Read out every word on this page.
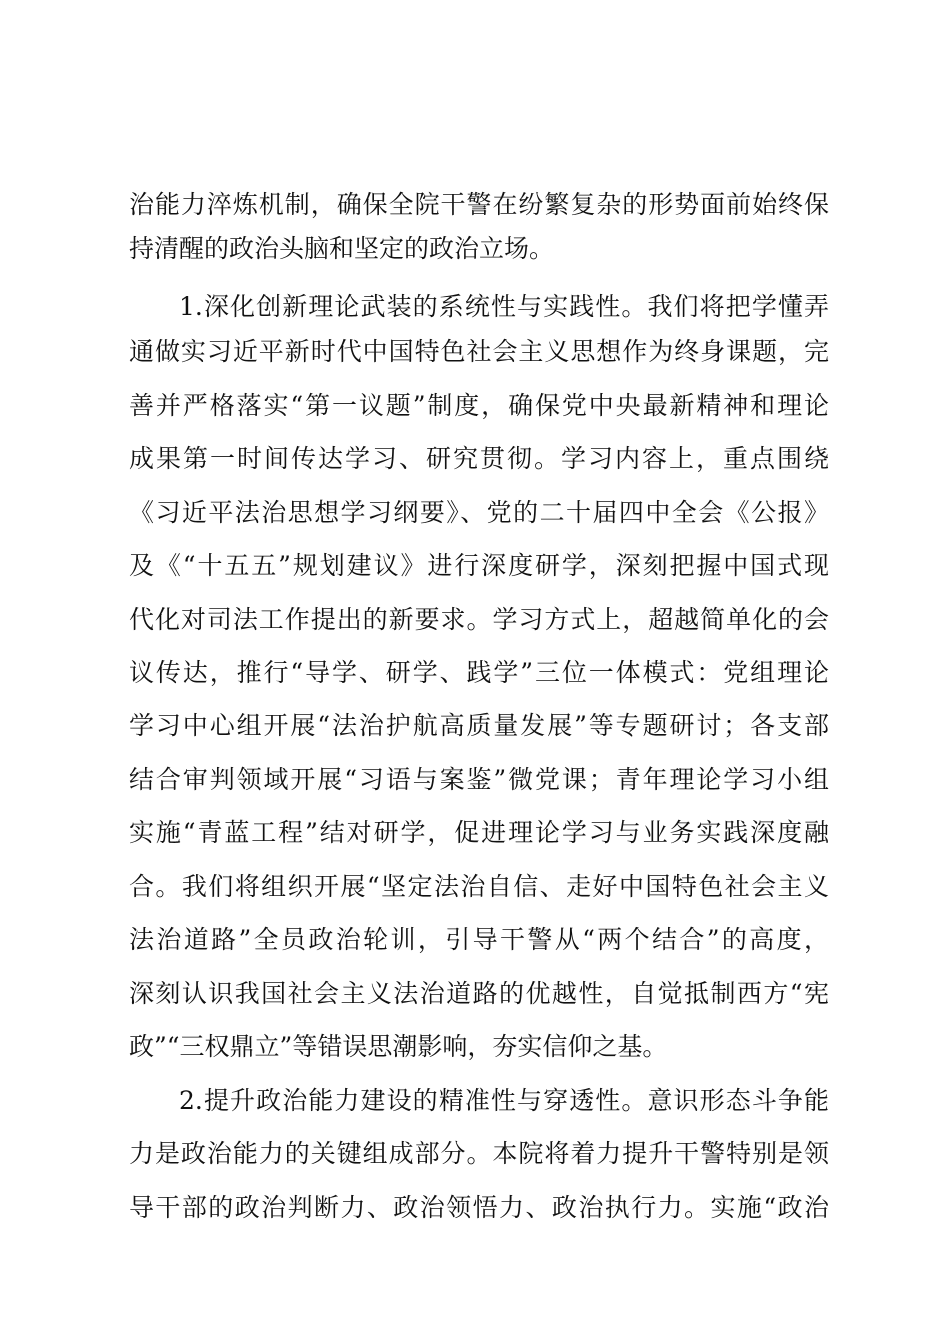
治能力淬炼机制，确保全院干警在纷繁复杂的形势面前始终保

持清醒的政治头脑和坚定的政治立场。

1.深化创新理论武装的系统性与实践性。我们将把学懂弄

通做实习近平新时代中国特色社会主义思想作为终身课题，完

善并严格落实“第一议题”制度，确保党中央最新精神和理论

成果第一时间传达学习、研究贯彻。学习内容上，重点围绕

《习近平法治思想学习纲要》、党的二十届四中全会《公报》

及《“十五五”规划建议》进行深度研学，深刻把握中国式现

代化对司法工作提出的新要求。学习方式上，超越简单化的会

议传达，推行“导学、研学、践学”三位一体模式：党组理论

学习中心组开展“法治护航高质量发展”等专题研讨；各支部

结合审判领域开展“习语与案鉴”微党课；青年理论学习小组

实施“青蓝工程”结对研学，促进理论学习与业务实践深度融

合。我们将组织开展“坚定法治自信、走好中国特色社会主义

法治道路”全员政治轮训，引导干警从“两个结合”的高度，

深刻认识我国社会主义法治道路的优越性，自觉抵制西方“宪

政”“三权鼎立”等错误思潮影响，夯实信仰之基。

2.提升政治能力建设的精准性与穿透性。意识形态斗争能

力是政治能力的关键组成部分。本院将着力提升干警特别是领

导干部的政治判断力、政治领悟力、政治执行力。实施“政治
